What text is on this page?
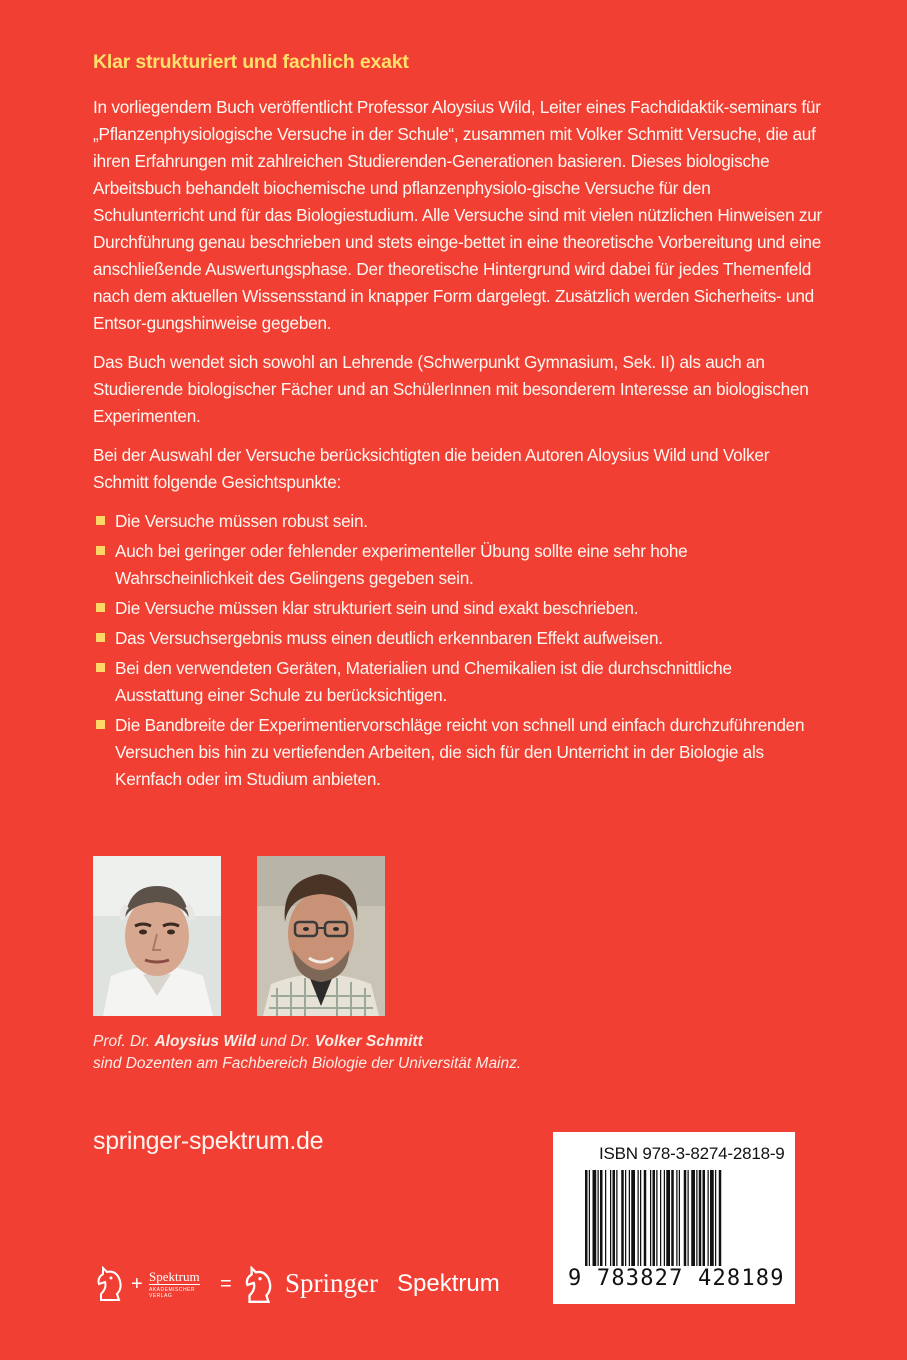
Klar strukturiert und fachlich exakt

In vorliegendem Buch veröffentlicht Professor Aloysius Wild, Leiter eines Fachdidaktik-seminars für „Pflanzenphysiologische Versuche in der Schule“, zusammen mit Volker Schmitt Versuche, die auf ihren Erfahrungen mit zahlreichen Studierenden-Generationen basieren. Dieses biologische Arbeitsbuch behandelt biochemische und pflanzenphysiolo-gische Versuche für den Schulunterricht und für das Biologiestudium. Alle Versuche sind mit vielen nützlichen Hinweisen zur Durchführung genau beschrieben und stets einge-bettet in eine theoretische Vorbereitung und eine anschließende Auswertungsphase. Der theoretische Hintergrund wird dabei für jedes Themenfeld nach dem aktuellen Wissensstand in knapper Form dargelegt. Zusätzlich werden Sicherheits- und Entsor-gungshinweise gegeben.

Das Buch wendet sich sowohl an Lehrende (Schwerpunkt Gymnasium, Sek. II) als auch an Studierende biologischer Fächer und an SchülerInnen mit besonderem Interesse an biologischen Experimenten.

Bei der Auswahl der Versuche berücksichtigten die beiden Autoren Aloysius Wild und Volker Schmitt folgende Gesichtspunkte:

Die Versuche müssen robust sein.
Auch bei geringer oder fehlender experimenteller Übung sollte eine sehr hohe Wahrscheinlichkeit des Gelingens gegeben sein.
Die Versuche müssen klar strukturiert sein und sind exakt beschrieben.
Das Versuchsergebnis muss einen deutlich erkennbaren Effekt aufweisen.
Bei den verwendeten Geräten, Materialien und Chemikalien ist die durchschnittliche Ausstattung einer Schule zu berücksichtigen.
Die Bandbreite der Experimentiervorschläge reicht von schnell und einfach durchzuführenden Versuchen bis hin zu vertiefenden Arbeiten, die sich für den Unterricht in der Biologie als Kernfach oder im Studium anbieten.
Prof. Dr. Aloysius Wild und Dr. Volker Schmitt
sind Dozenten am Fachbereich Biologie der Universität Mainz.
springer-spektrum.de	ISBN 978-3-8274-2818-9
9 783827 428189
+ Spektrum
AKADEMISCHER VERLAG
= Springer Spektrum
